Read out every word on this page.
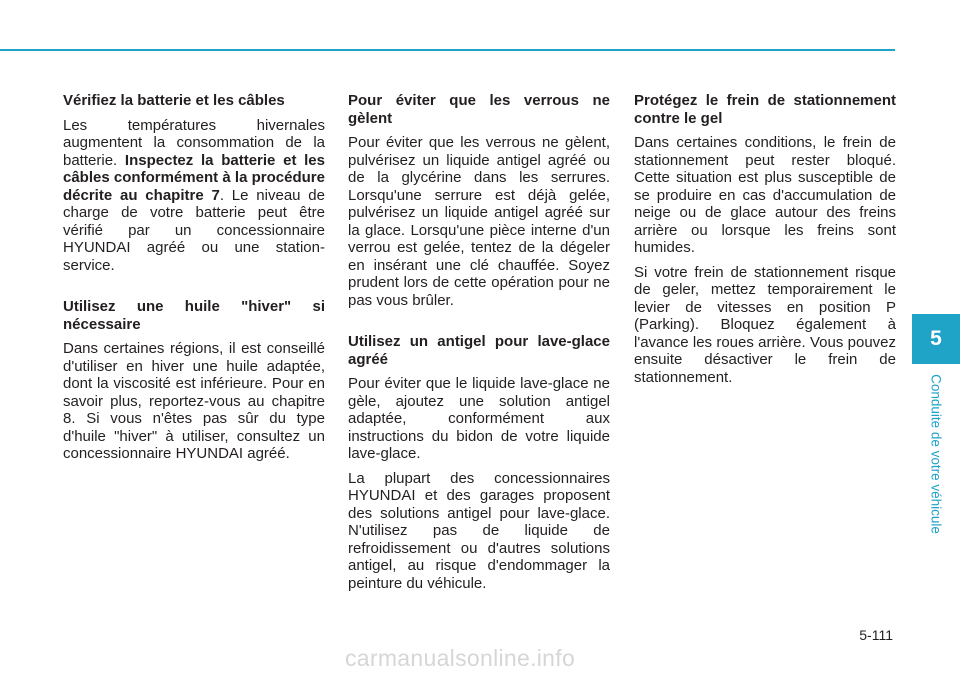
Vérifiez la batterie et les câbles

Les températures hivernales augmentent la consommation de la batterie. Inspectez la batterie et les câbles conformément à la procédure décrite au chapitre 7. Le niveau de charge de votre batterie peut être vérifié par un concessionnaire HYUNDAI agréé ou une station-service.

Utilisez une huile "hiver" si nécessaire

Dans certaines régions, il est conseillé d'utiliser en hiver une huile adaptée, dont la viscosité est inférieure. Pour en savoir plus, reportez-vous au chapitre 8. Si vous n'êtes pas sûr du type d'huile "hiver" à utiliser, consultez un concessionnaire HYUNDAI agréé.

Pour éviter que les verrous ne gèlent

Pour éviter que les verrous ne gèlent, pulvérisez un liquide antigel agréé ou de la glycérine dans les serrures. Lorsqu'une serrure est déjà gelée, pulvérisez un liquide antigel agréé sur la glace. Lorsqu'une pièce interne d'un verrou est gelée, tentez de la dégeler en insérant une clé chauffée. Soyez prudent lors de cette opération pour ne pas vous brûler.

Utilisez un antigel pour lave-glace agréé

Pour éviter que le liquide lave-glace ne gèle, ajoutez une solution antigel adaptée, conformément aux instructions du bidon de votre liquide lave-glace.

La plupart des concessionnaires HYUNDAI et des garages proposent des solutions antigel pour lave-glace. N'utilisez pas de liquide de refroidissement ou d'autres solutions antigel, au risque d'endommager la peinture du véhicule.

Protégez le frein de stationnement contre le gel

Dans certaines conditions, le frein de stationnement peut rester bloqué. Cette situation est plus susceptible de se produire en cas d'accumulation de neige ou de glace autour des freins arrière ou lorsque les freins sont humides.

Si votre frein de stationnement risque de geler, mettez temporairement le levier de vitesses en position P (Parking). Bloquez également à l'avance les roues arrière. Vous pouvez ensuite désactiver le frein de stationnement.

5
Conduite de votre véhicule
5-111
carmanualsonline.info
